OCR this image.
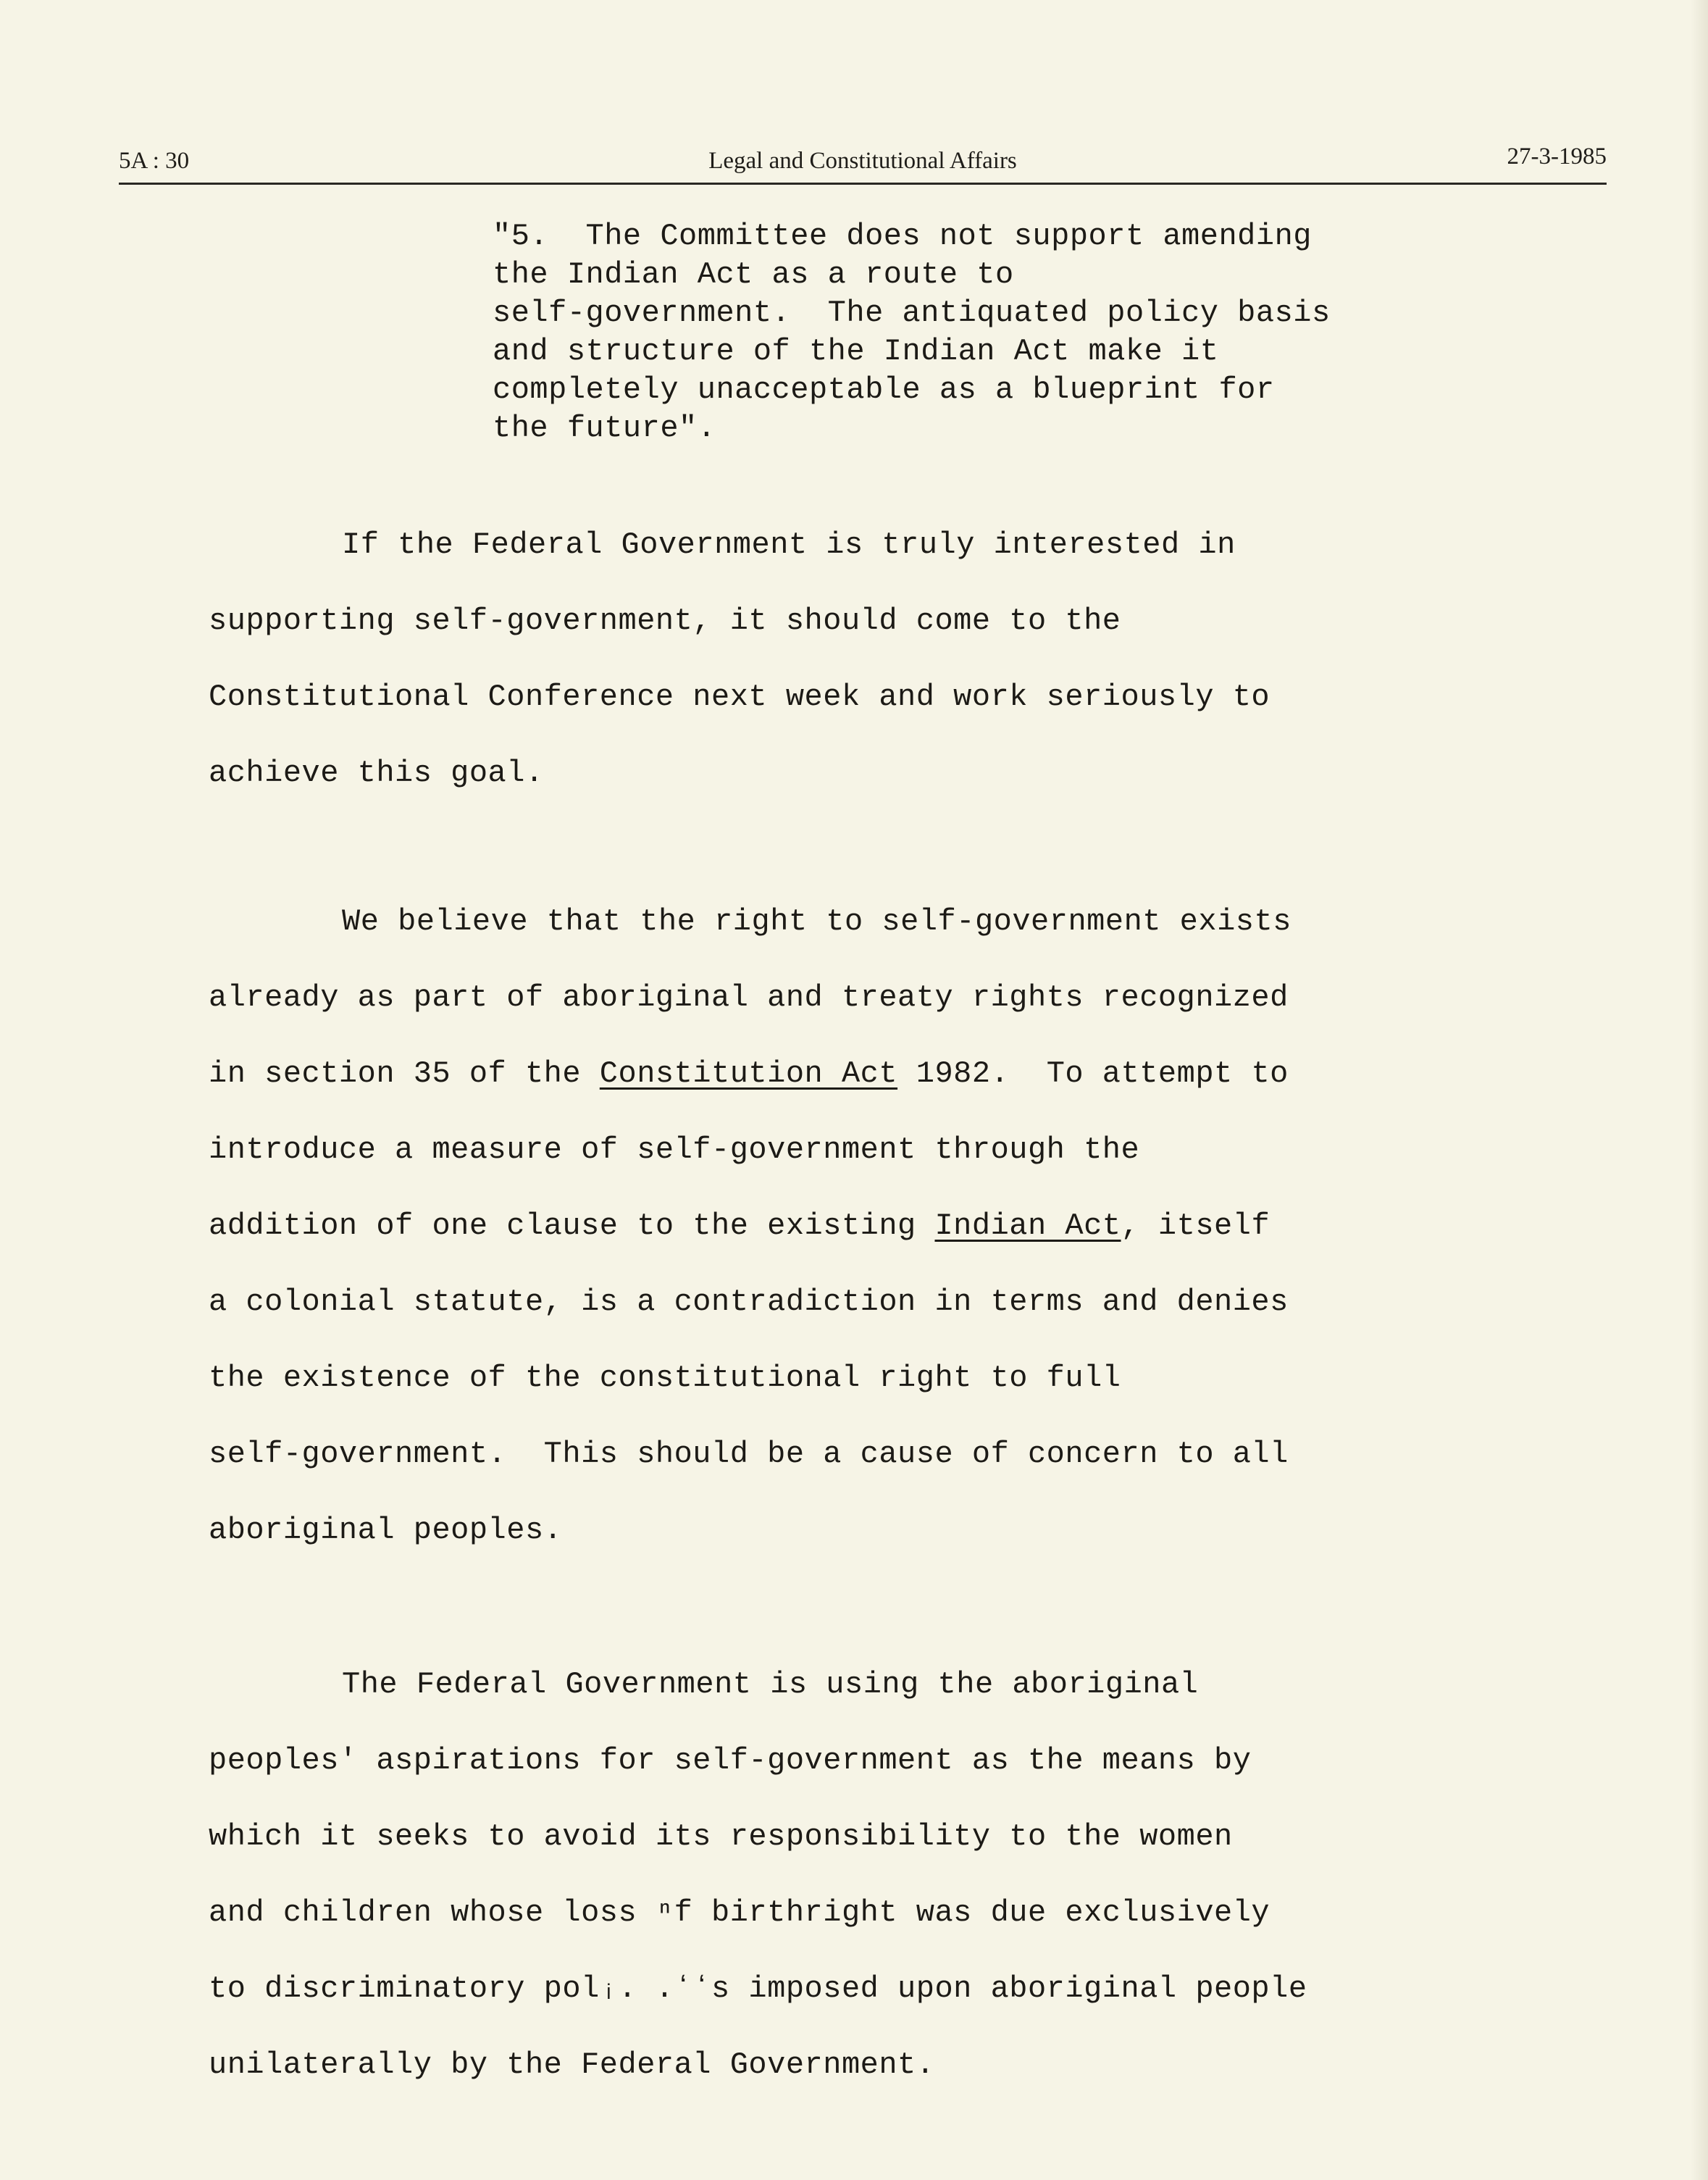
5A : 30	Legal and Constitutional Affairs	27-3-1985
"5.  The Committee does not support amending
the Indian Act as a route to
self-government.  The antiquated policy basis
and structure of the Indian Act make it
completely unacceptable as a blueprint for
the future".
If the Federal Government is truly interested in
supporting self-government, it should come to the
Constitutional Conference next week and work seriously to
achieve this goal.
We believe that the right to self-government exists
already as part of aboriginal and treaty rights recognized
in section 35 of the Constitution Act 1982.  To attempt to
introduce a measure of self-government through the
addition of one clause to the existing Indian Act, itself
a colonial statute, is a contradiction in terms and denies
the existence of the constitutional right to full
self-government.  This should be a cause of concern to all
aboriginal peoples.
The Federal Government is using the aboriginal
peoples' aspirations for self-government as the means by
which it seeks to avoid its responsibility to the women
and children whose loss ⁿf birthright was due exclusively
to discriminatory polᵢ. .ʻʻs imposed upon aboriginal people
unilaterally by the Federal Government.
